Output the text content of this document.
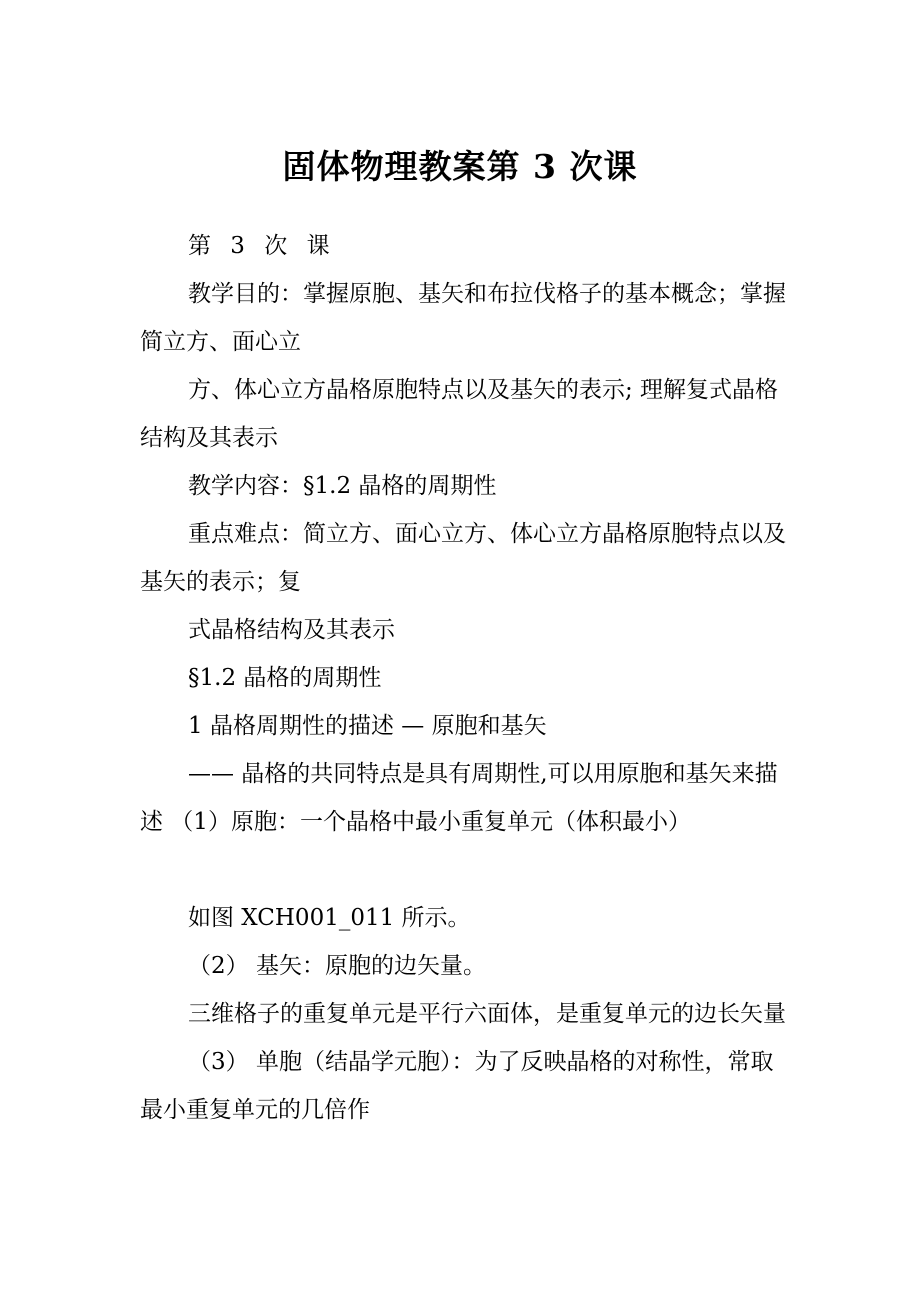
固体物理教案第 3 次课

第 3 次 课

教学目的：掌握原胞、基矢和布拉伐格子的基本概念；掌握简立方、面心立

方、体心立方晶格原胞特点以及基矢的表示; 理解复式晶格结构及其表示

教学内容：§1.2 晶格的周期性

重点难点：简立方、面心立方、体心立方晶格原胞特点以及基矢的表示；复

式晶格结构及其表示

§1.2 晶格的周期性

1 晶格周期性的描述 — 原胞和基矢

—— 晶格的共同特点是具有周期性,可以用原胞和基矢来描述 （1）原胞：一个晶格中最小重复单元（体积最小）

如图 XCH001_011 所示。

（2） 基矢：原胞的边矢量。

三维格子的重复单元是平行六面体，是重复单元的边长矢量

（3） 单胞（结晶学元胞）：为了反映晶格的对称性，常取最小重复单元的几倍作
